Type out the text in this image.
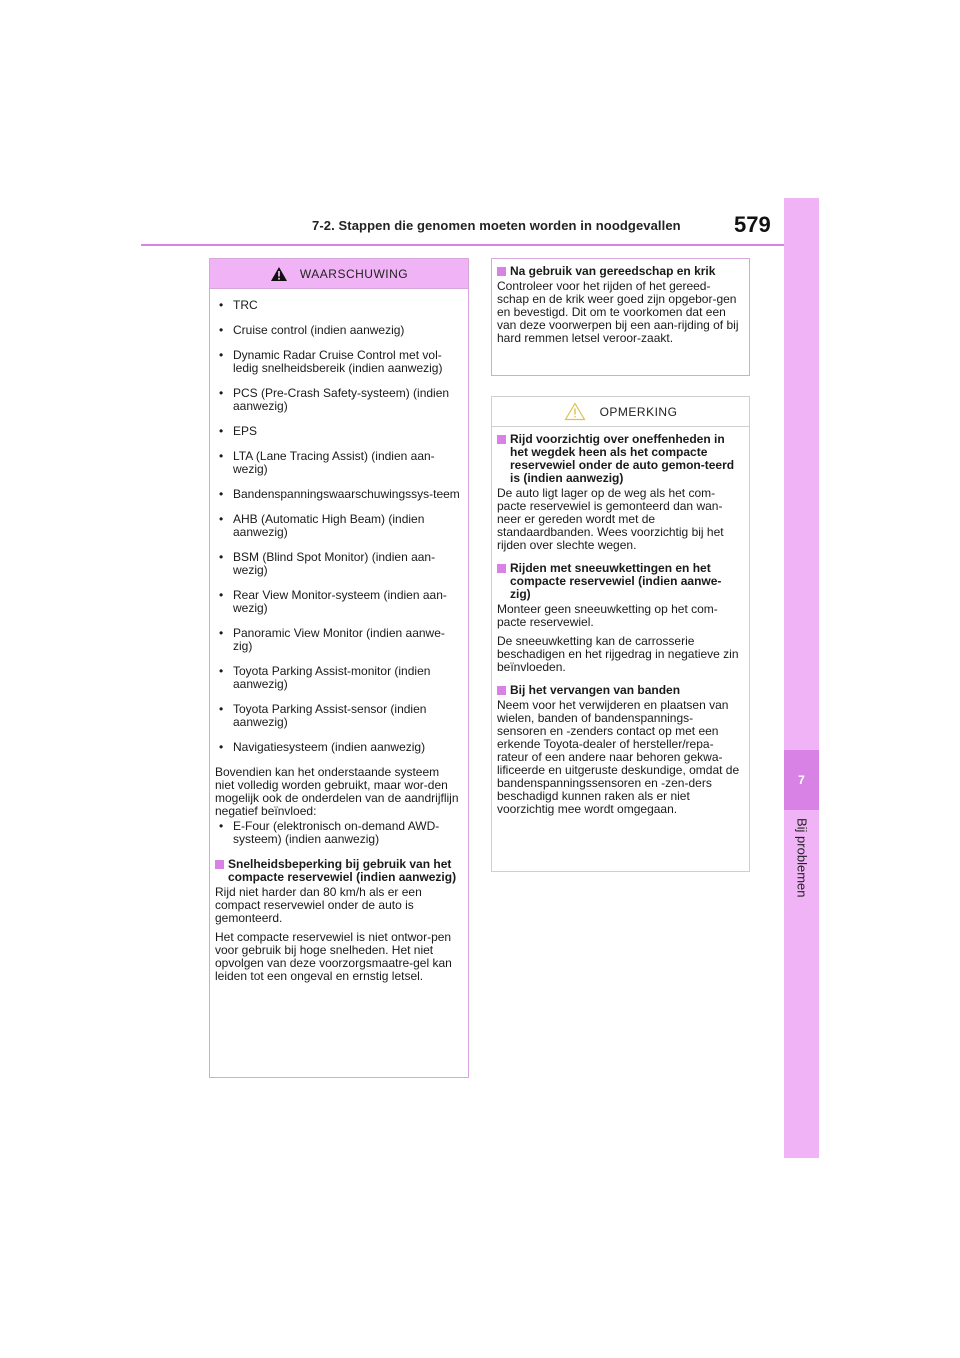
7
Bij problemen
7-2. Stappen die genomen moeten worden in noodgevallen 579
WAARSCHUWING
• TRC
• Cruise control (indien aanwezig)
• Dynamic Radar Cruise Control met vol-ledig snelheidsbereik (indien aanwezig)
• PCS (Pre-Crash Safety-systeem) (indien aanwezig)
• EPS
• LTA (Lane Tracing Assist) (indien aan-wezig)
• Bandenspanningswaarschuwingssys-teem
• AHB (Automatic High Beam) (indien aanwezig)
• BSM (Blind Spot Monitor) (indien aan-wezig)
• Rear View Monitor-systeem (indien aan-wezig)
• Panoramic View Monitor (indien aanwe-zig)
• Toyota Parking Assist-monitor (indien aanwezig)
• Toyota Parking Assist-sensor (indien aanwezig)
• Navigatiesysteem (indien aanwezig)

Bovendien kan het onderstaande systeem niet volledig worden gebruikt, maar wor-den mogelijk ook de onderdelen van de aandrijflijn negatief beïnvloed:

• E-Four (elektronisch on-demand AWD-systeem) (indien aanwezig)
Snelheidsbeperking bij gebruik van het compacte reservewiel (indien aanwezig)

Rijd niet harder dan 80 km/h als er een compact reservewiel onder de auto is gemonteerd.

Het compacte reservewiel is niet ontwor-pen voor gebruik bij hoge snelheden. Het niet opvolgen van deze voorzorgsmaatre-gel kan leiden tot een ongeval en ernstig letsel.

Na gebruik van gereedschap en krik

Controleer voor het rijden of het gereed-schap en de krik weer goed zijn opgebor-gen en bevestigd. Dit om te voorkomen dat een van deze voorwerpen bij een aan-rijding of bij hard remmen letsel veroor-zaakt.

OPMERKING
Rijd voorzichtig over oneffenheden in het wegdek heen als het compacte reservewiel onder de auto gemon-teerd is (indien aanwezig)

De auto ligt lager op de weg als het com-pacte reservewiel is gemonteerd dan wan-neer er gereden wordt met de standaardbanden. Wees voorzichtig bij het rijden over slechte wegen.

Rijden met sneeuwkettingen en het compacte reservewiel (indien aanwe-zig)

Monteer geen sneeuwketting op het com-pacte reservewiel.

De sneeuwketting kan de carrosserie beschadigen en het rijgedrag in negatieve zin beïnvloeden.

Bij het vervangen van banden

Neem voor het verwijderen en plaatsen van wielen, banden of bandenspannings-sensoren en -zenders contact op met een erkende Toyota-dealer of hersteller/repa-rateur of een andere naar behoren gekwa-lificeerde en uitgeruste deskundige, omdat de bandenspanningssensoren en -zen-ders beschadigd kunnen raken als er niet voorzichtig mee wordt omgegaan.
